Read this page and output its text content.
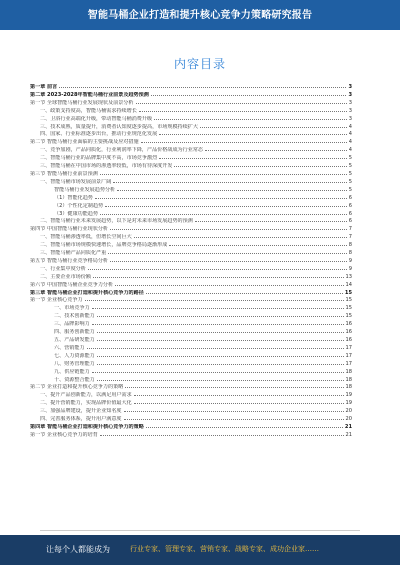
智能马桶企业打造和提升核心竞争力策略研究报告
内容目录
第一章 前言	3
第二章 2023-2028年智能马桶行业前景及趋势预测	3
第一节 全球智能马桶行业发展现状及前景分析	3
一、政策支持度高，智能马桶需求持续增长	3
二、卫浴行业高端化升级，带动智能马桶消费升级	3
三、技术成熟，质量提升，消费者认知度逐步提高，市场规模持续扩大	4
四、国家、行业标准逐步出台，推动行业规范化发展	4
第二节 智能马桶行业面临的主要挑战及应对措施	4
一、竞争加剧，产品同质化，行业利润率下降，产品价格战成为行业常态	4
二、智能马桶行业的品牌集中度不高，市场竞争激烈	5
三、智能马桶在中国市场的渗透率较低，市场有待深度开发	5
第三节 智能马桶行业前景预测	5
一、智能马桶市场发展前景广阔	5
智能马桶行业发展趋势分析	5
（1）智能化趋势	6
（2）个性化定制趋势	6
（3）健康功能趋势	6
二、智能马桶行业未来发展趋势，以下是对未来市场发展趋势的预测	6
第四节 中国智能马桶行业现状分析	7
一、智能马桶渗透率低，但增长空间巨大	7
二、智能马桶市场规模快速增长，品牌竞争格局逐渐形成	8
三、智能马桶产品同质化严重	8
第五节 智能马桶行业竞争格局分析	9
一、行业集中度分析	9
二、主要企业市场份额	13
第六节 中国智能马桶企业竞争力分析	14
第三章 智能马桶企业打造和提升核心竞争力的路径	15
第一节 企业核心竞争力	15
一、市场竞争力	15
二、技术创新能力	15
三、品牌影响力	16
四、服务创新能力	16
五、产品研发能力	16
六、营销能力	17
七、人力资源能力	17
八、财务管理能力	17
九、供应链能力	18
十、资源整合能力	18
第二节 企业打造和提升核心竞争力的策略	18
一、提升产品创新能力，以满足用户需求	19
二、提升营销能力，实现品牌价值最大化	19
三、加强品牌建设，提升企业知名度	20
四、完善服务体系，提升用户满意度	20
第四章 智能马桶企业打造和提升核心竞争力的策略	21
第一节 企业核心竞争力的培育	21
让每个人都能成为	行业专家、管理专家、营销专家、战略专家、成功企业家……
